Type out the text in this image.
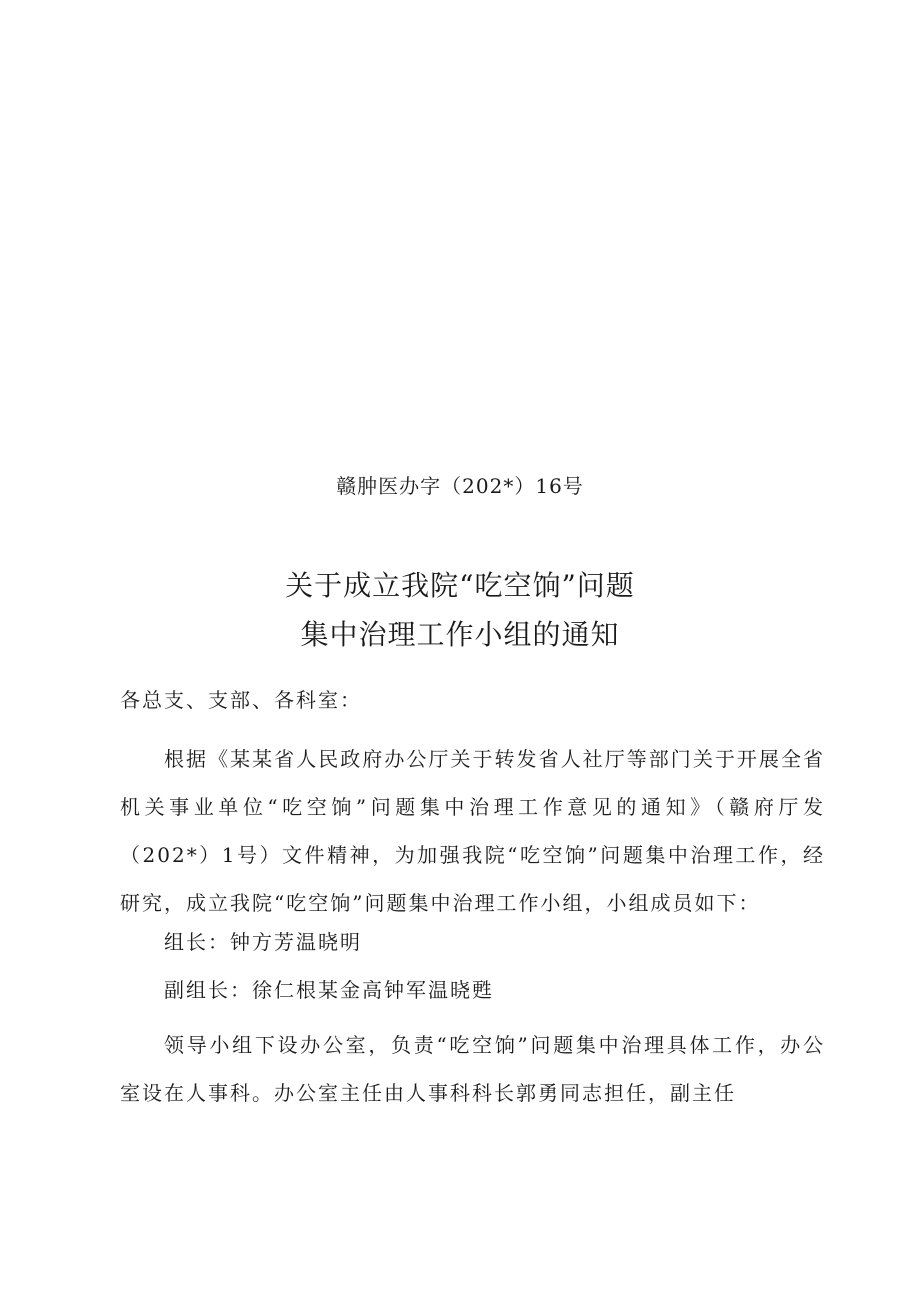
赣肿医办字（202*）16号
关于成立我院“吃空饷”问题
集中治理工作小组的通知
各总支、支部、各科室：
根据《某某省人民政府办公厅关于转发省人社厅等部门关于开展全省机关事业单位“吃空饷”问题集中治理工作意见的通知》（赣府厅发（202*）1号）文件精神，为加强我院“吃空饷”问题集中治理工作，经研究，成立我院“吃空饷”问题集中治理工作小组，小组成员如下：
组长：钟方芳温晓明
副组长：徐仁根某金高钟军温晓甦
领导小组下设办公室，负责“吃空饷”问题集中治理具体工作，办公室设在人事科。办公室主任由人事科科长郭勇同志担任，副主任
